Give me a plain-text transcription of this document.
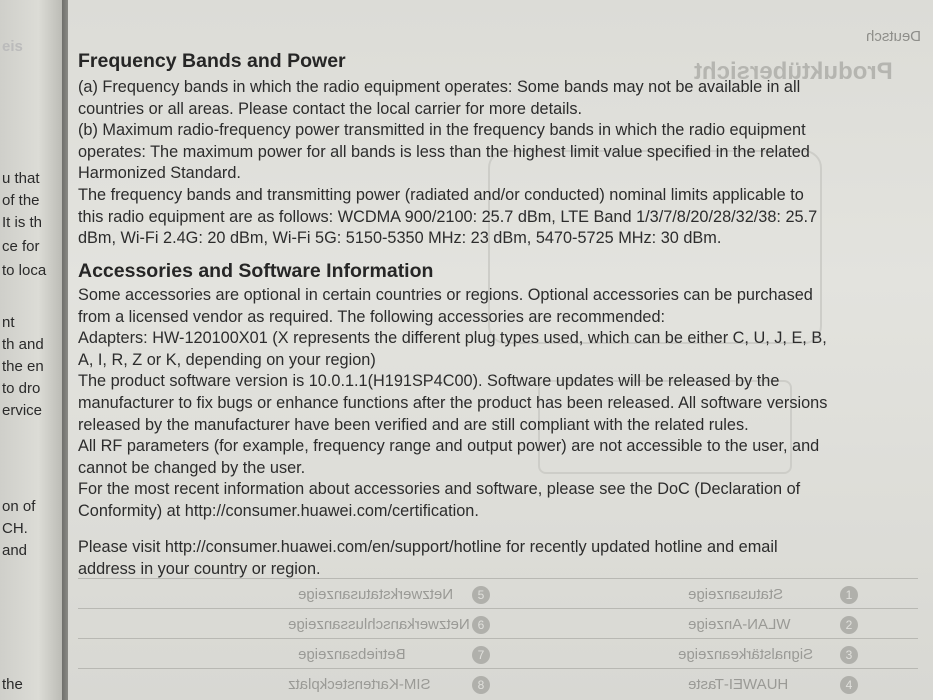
eis
u that
of the
It is th
ce for
to loca
nt
th and
the en
to dro
ervice
on of
CH.
and
the
Deutsch
Produktübersicht
Frequency Bands and Power
(a) Frequency bands in which the radio equipment operates: Some bands may not be available in all
countries or all areas. Please contact the local carrier for more details.
(b) Maximum radio-frequency power transmitted in the frequency bands in which the radio equipment
operates: The maximum power for all bands is less than the highest limit value specified in the related
Harmonized Standard.
The frequency bands and transmitting power (radiated and/or conducted) nominal limits applicable to
this radio equipment are as follows: WCDMA 900/2100: 25.7 dBm, LTE Band 1/3/7/8/20/28/32/38: 25.7
dBm, Wi-Fi 2.4G: 20 dBm, Wi-Fi 5G: 5150-5350 MHz: 23 dBm, 5470-5725 MHz: 30 dBm.
Accessories and Software Information
Some accessories are optional in certain countries or regions. Optional accessories can be purchased
from a licensed vendor as required. The following accessories are recommended:
Adapters: HW-120100X01 (X represents the different plug types used, which can be either C, U, J, E, B,
A, I, R, Z or K, depending on your region)
The product software version is 10.0.1.1(H191SP4C00). Software updates will be released by the
manufacturer to fix bugs or enhance functions after the product has been released. All software versions
released by the manufacturer have been verified and are still compliant with the related rules.
All RF parameters (for example, frequency range and output power) are not accessible to the user, and
cannot be changed by the user.
For the most recent information about accessories and software, please see the DoC (Declaration of
Conformity) at http://consumer.huawei.com/certification.
Please visit http://consumer.huawei.com/en/support/hotline for recently updated hotline and email
address in your country or region.
Netzwerkstatusanzeige
Netzwerkanschlussanzeige
Betriebsanzeige
SIM-Kartensteckplatz
Statusanzeige
WLAN-Anzeige
Signalstärkeanzeige
HUAWEI-Taste
5
6
7
8
1
2
3
4
